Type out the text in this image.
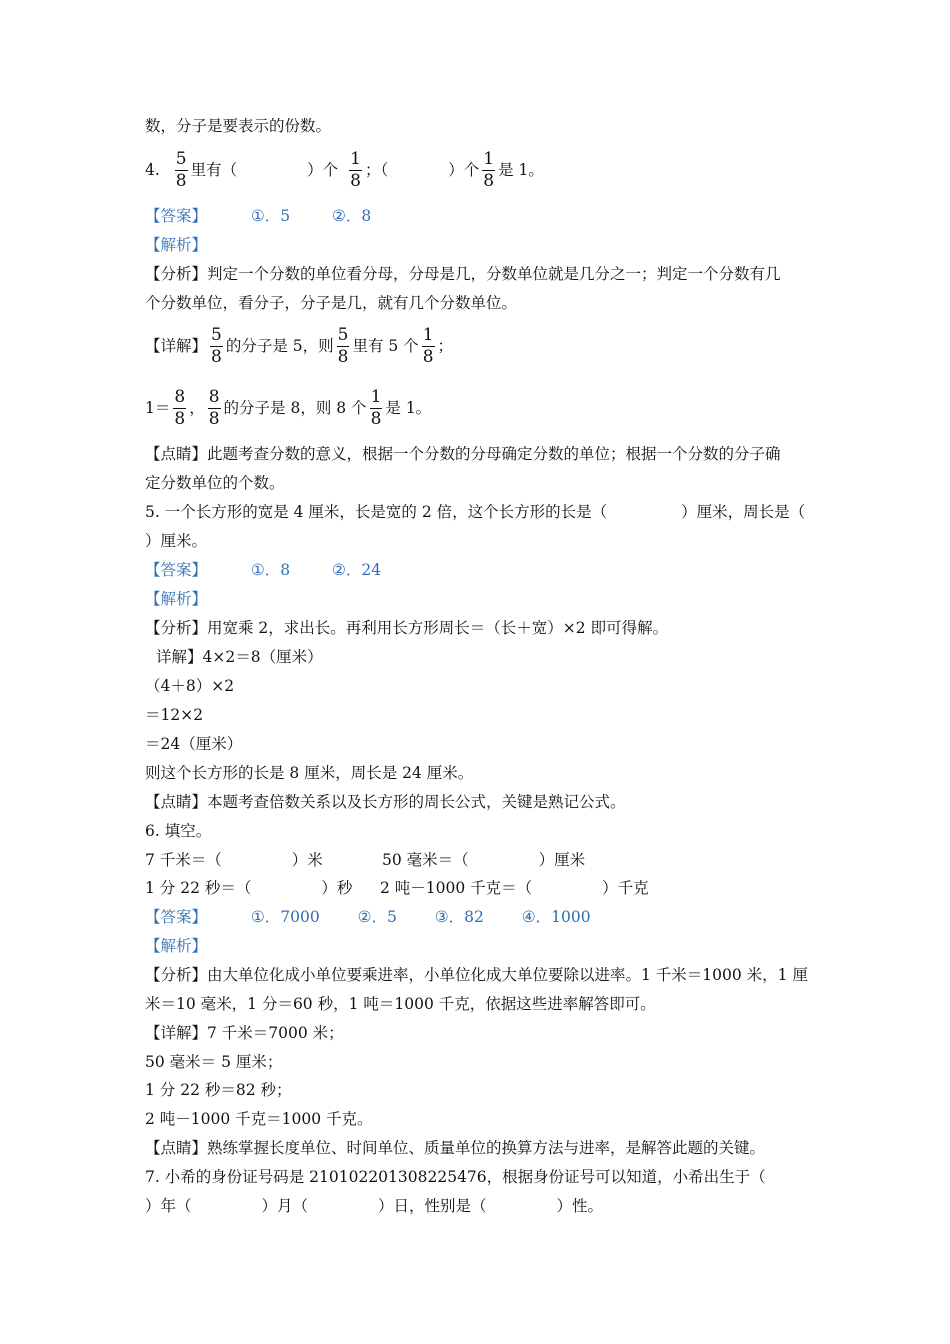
数，分子是要表示的份数。
4. $\frac{5}{8}$ 里有（	）个 $\frac{1}{8}$ ；（	）个 $\frac{1}{8}$ 是 1。
【答案】	①．5	②．8
【解析】
【分析】判定一个分数的单位看分母，分母是几，分数单位就是几分之一；判定一个分数有几
个分数单位，看分子，分子是几，就有几个分数单位。
【详解】 $\frac{5}{8}$ 的分子是 5，则 $\frac{5}{8}$ 里有 5 个 $\frac{1}{8}$ ；
$1= \frac{8}{8}$ ， $\frac{8}{8}$ 的分子是 8，则 8 个 $\frac{1}{8}$ 是 1。
【点睛】此题考查分数的意义，根据一个分数的分母确定分数的单位；根据一个分数的分子确
定分数单位的个数。
5. 一个长方形的宽是 4 厘米，长是宽的 2 倍，这个长方形的长是（	）厘米，周长是（
）厘米。
【答案】	①．8	②．24
【解析】
【分析】用宽乘 2，求出长。再利用长方形周长＝（长＋宽）×2 即可得解。
详解】4×2＝8（厘米）
（4＋8）×2
＝12×2
＝24（厘米）
则这个长方形的长是 8 厘米，周长是 24 厘米。
【点睛】本题考查倍数关系以及长方形的周长公式，关键是熟记公式。
6. 填空。
7 千米＝（	）米	50 毫米＝（	）厘米
1 分 22 秒＝（	）秒 2 吨－1000 千克＝（	）千克
【答案】	①．7000 ②．5 ③．82 ④．1000
【解析】
【分析】由大单位化成小单位要乘进率，小单位化成大单位要除以进率。1 千米＝1000 米，1 厘
米＝10 毫米，1 分＝60 秒，1 吨＝1000 千克，依据这些进率解答即可。
【详解】7 千米＝7000 米；
50 毫米＝ 5 厘米；
1 分 22 秒＝82 秒；
2 吨－1000 千克＝1000 千克。
【点睛】熟练掌握长度单位、时间单位、质量单位的换算方法与进率，是解答此题的关键。
7. 小希的身份证号码是 210102201308225476，根据身份证号可以知道，小希出生于（
）年（	）月（	）日，性别是（	）性。
